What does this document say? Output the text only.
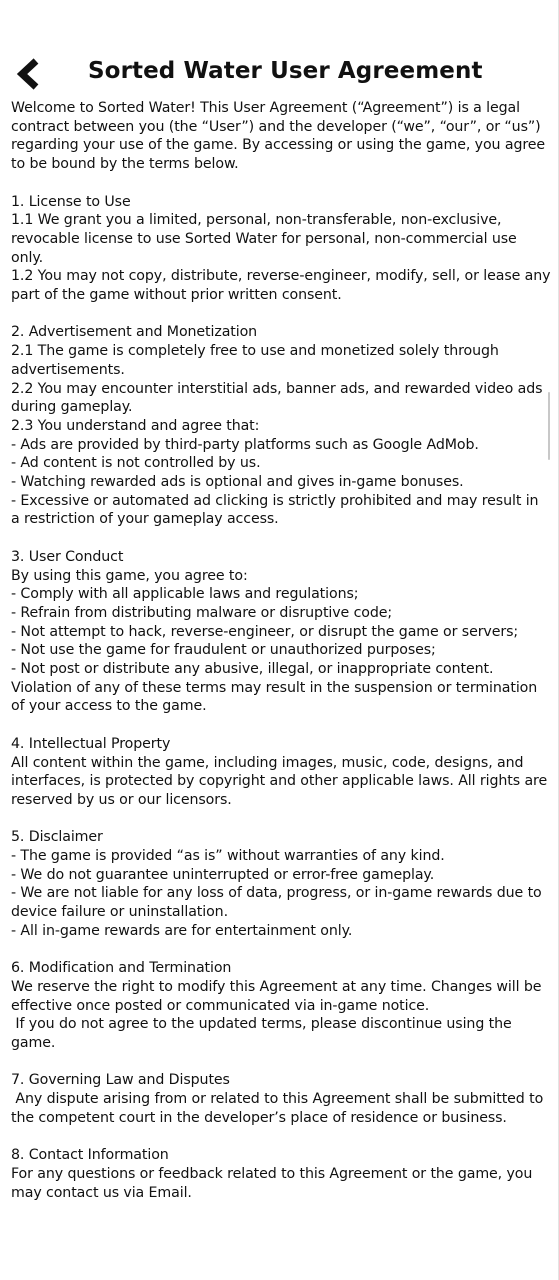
Sorted Water User Agreement

Welcome to Sorted Water! This User Agreement (“Agreement”) is a legal contract between you (the “User”) and the developer (“we”, “our”, or “us”) regarding your use of the game. By accessing or using the game, you agree to be bound by the terms below.

1. License to Use

1.1 We grant you a limited, personal, non-transferable, non-exclusive, revocable license to use Sorted Water for personal, non-commercial use only.

1.2 You may not copy, distribute, reverse-engineer, modify, sell, or lease any part of the game without prior written consent.

2. Advertisement and Monetization

2.1 The game is completely free to use and monetized solely through advertisements.

2.2 You may encounter interstitial ads, banner ads, and rewarded video ads during gameplay.

2.3 You understand and agree that:

- Ads are provided by third-party platforms such as Google AdMob.

- Ad content is not controlled by us.

- Watching rewarded ads is optional and gives in-game bonuses.

- Excessive or automated ad clicking is strictly prohibited and may result in a restriction of your gameplay access.

3. User Conduct

By using this game, you agree to:

- Comply with all applicable laws and regulations;

- Refrain from distributing malware or disruptive code;

- Not attempt to hack, reverse-engineer, or disrupt the game or servers;

- Not use the game for fraudulent or unauthorized purposes;

- Not post or distribute any abusive, illegal, or inappropriate content.

Violation of any of these terms may result in the suspension or termination of your access to the game.

4. Intellectual Property

All content within the game, including images, music, code, designs, and interfaces, is protected by copyright and other applicable laws. All rights are reserved by us or our licensors.

5. Disclaimer

- The game is provided “as is” without warranties of any kind.

- We do not guarantee uninterrupted or error-free gameplay.

- We are not liable for any loss of data, progress, or in-game rewards due to device failure or uninstallation.

- All in-game rewards are for entertainment only.

6. Modification and Termination

We reserve the right to modify this Agreement at any time. Changes will be effective once posted or communicated via in-game notice.

If you do not agree to the updated terms, please discontinue using the game.

7. Governing Law and Disputes

Any dispute arising from or related to this Agreement shall be submitted to the competent court in the developer’s place of residence or business.

8. Contact Information

For any questions or feedback related to this Agreement or the game, you may contact us via Email.
